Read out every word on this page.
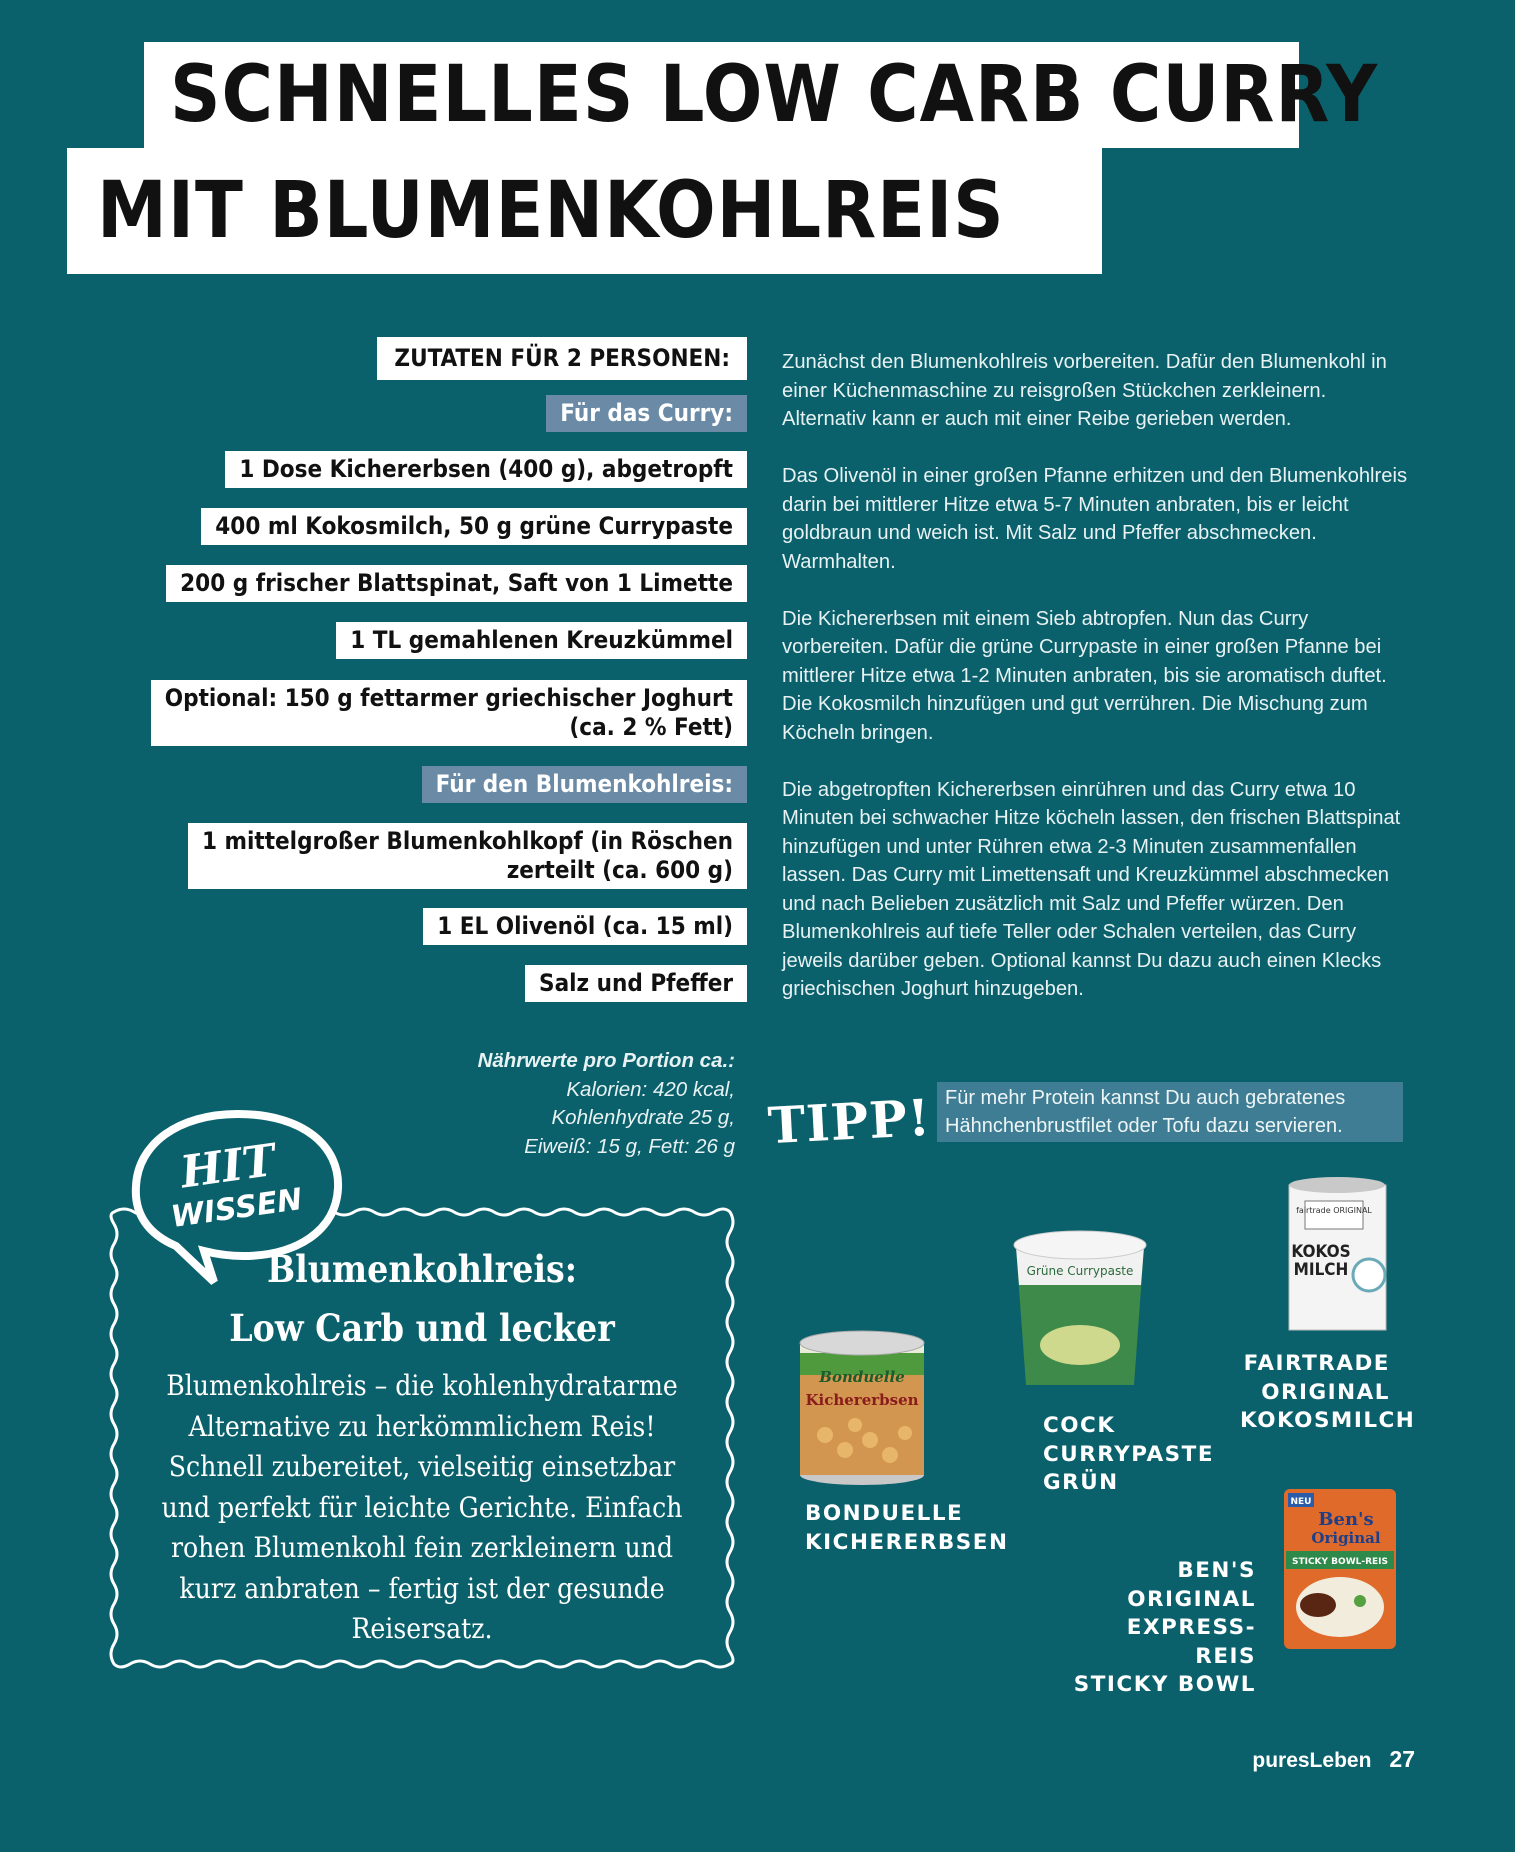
SCHNELLES LOW CARB CURRY
MIT BLUMENKOHLREIS
ZUTATEN FÜR 2 PERSONEN:
Für das Curry:
1 Dose Kichererbsen (400 g), abgetropft
400 ml Kokosmilch, 50 g grüne Currypaste
200 g frischer Blattspinat, Saft von 1 Limette
1 TL gemahlenen Kreuzkümmel
Optional: 150 g fettarmer griechischer Joghurt
(ca. 2 % Fett)
Für den Blumenkohlreis:
1 mittelgroßer Blumenkohlkopf (in Röschen
zerteilt (ca. 600 g)
1 EL Olivenöl (ca. 15 ml)
Salz und Pfeffer

Zunächst den Blumenkohlreis vorbereiten. Dafür den Blumenkohl in einer Küchenmaschine zu reisgroßen Stückchen zerkleinern. Alternativ kann er auch mit einer Reibe gerieben werden.

Das Olivenöl in einer großen Pfanne erhitzen und den Blumenkohlreis darin bei mittlerer Hitze etwa 5-7 Minuten anbraten, bis er leicht goldbraun und weich ist. Mit Salz und Pfeffer abschmecken. Warmhalten.

Die Kichererbsen mit einem Sieb abtropfen. Nun das Curry vorbereiten. Dafür die grüne Currypaste in einer großen Pfanne bei mittlerer Hitze etwa 1-2 Minuten anbraten, bis sie aromatisch duftet. Die Kokosmilch hinzufügen und gut verrühren. Die Mischung zum Köcheln bringen.

Die abgetropften Kichererbsen einrühren und das Curry etwa 10 Minuten bei schwacher Hitze köcheln lassen, den frischen Blattspinat hinzufügen und unter Rühren etwa 2-3 Minuten zusammenfallen lassen. Das Curry mit Limettensaft und Kreuzkümmel abschmecken und nach Belieben zusätzlich mit Salz und Pfeffer würzen. Den Blumenkohlreis auf tiefe Teller oder Schalen verteilen, das Curry jeweils darüber geben. Optional kannst Du dazu auch einen Klecks griechischen Joghurt hinzugeben.

Nährwerte pro Portion ca.:
Kalorien: 420 kcal,
Kohlenhydrate 25 g,
Eiweiß: 15 g, Fett: 26 g TIPP! Für mehr Protein kannst Du auch gebratenes Hähnchenbrustfilet oder Tofu dazu servieren.
HIT
WISSEN
Blumenkohlreis:
Low Carb und lecker
Blumenkohlreis – die kohlenhydratarme Alternative zu herkömmlichem Reis! Schnell zubereitet, vielseitig einsetzbar und perfekt für leichte Gerichte. Einfach rohen Blumenkohl fein zerkleinern und kurz anbraten – fertig ist der gesunde Reisersatz.
Bonduelle
Kichererbsen
BONDUELLE
KICHERERBSEN
Grüne Currypaste
COCK
CURRYPASTE
GRÜN
fairtrade ORIGINAL
KOKOS
MILCH
FAIRTRADE
ORIGINAL
KOKOSMILCH
NEU
Ben's
Original
STICKY BOWL-REIS
BEN'S ORIGINAL
EXPRESS-REIS
STICKY BOWL
puresLeben 27
